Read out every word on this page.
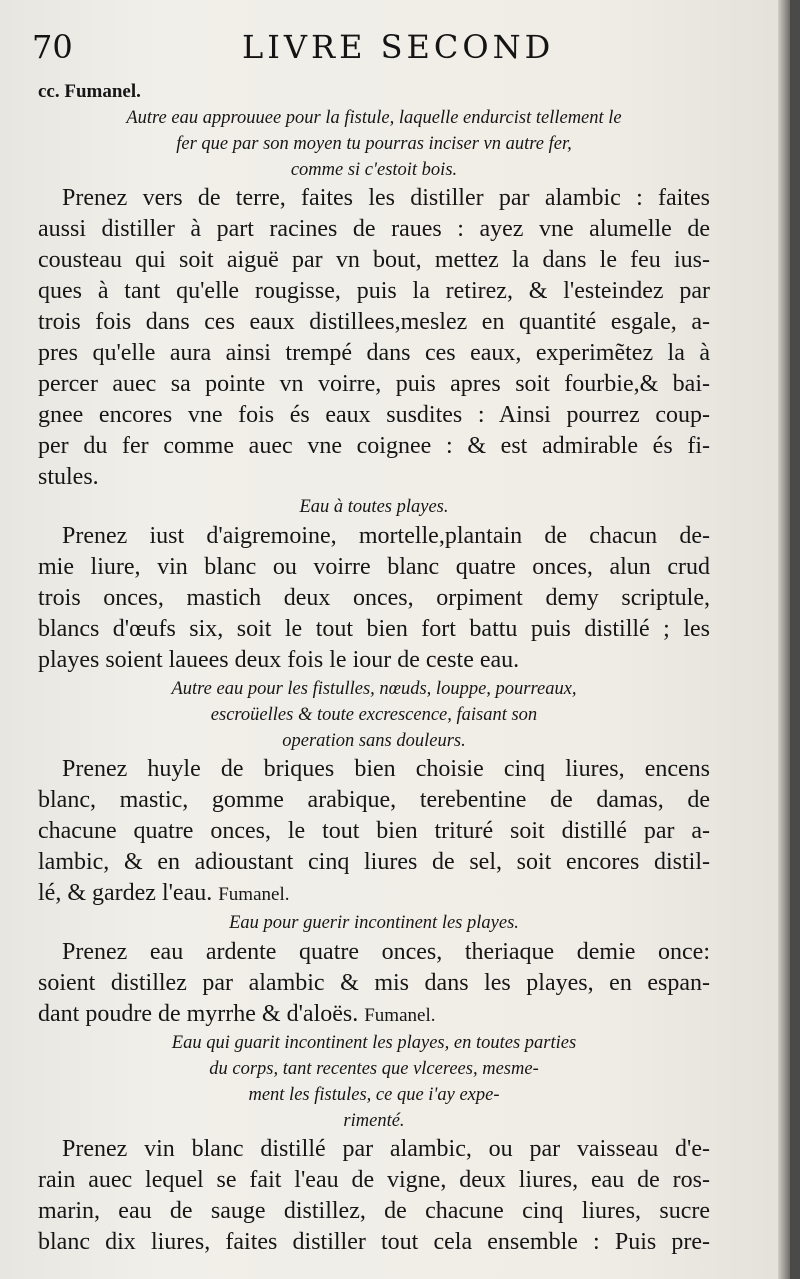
70	LIVRE SECOND
cc. Fumanel.
Autre eau approuuee pour la fistule, laquelle endurcist tellement le
fer que par son moyen tu pourras inciser vn autre fer,
comme si c'estoit bois.
Prenez vers de terre, faites les distiller par alambic : faites
aussi distiller à part racines de raues : ayez vne alumelle de
cousteau qui soit aiguë par vn bout, mettez la dans le feu ius-
ques à tant qu'elle rougisse, puis la retirez, & l'esteindez par
trois fois dans ces eaux distillees,meslez en quantité esgale, a-
pres qu'elle aura ainsi trempé dans ces eaux, experimẽtez la à
percer auec sa pointe vn voirre, puis apres soit fourbie,& bai-
gnee encores vne fois és eaux susdites : Ainsi pourrez coup-
per du fer comme auec vne coignee : & est admirable és fi-
stules.
Eau à toutes playes.
Prenez iust d'aigremoine, mortelle,plantain de chacun de-
mie liure, vin blanc ou voirre blanc quatre onces, alun crud
trois onces, mastich deux onces, orpiment demy scriptule,
blancs d'œufs six, soit le tout bien fort battu puis distillé ; les
playes soient lauees deux fois le iour de ceste eau.
Autre eau pour les fistulles, nœuds, louppe, pourreaux,
escroüelles & toute excrescence, faisant son
operation sans douleurs.
Prenez huyle de briques bien choisie cinq liures, encens
blanc, mastic, gomme arabique, terebentine de damas, de
chacune quatre onces, le tout bien trituré soit distillé par a-
lambic, & en adioustant cinq liures de sel, soit encores distil-
lé, & gardez l'eau. Fumanel.
Eau pour guerir incontinent les playes.
Prenez eau ardente quatre onces, theriaque demie once:
soient distillez par alambic & mis dans les playes, en espan-
dant poudre de myrrhe & d'aloës. Fumanel.
Eau qui guarit incontinent les playes, en toutes parties
du corps, tant recentes que vlcerees, mesme-
ment les fistules, ce que i'ay expe-
rimenté.
Prenez vin blanc distillé par alambic, ou par vaisseau d'e-
rain auec lequel se fait l'eau de vigne, deux liures, eau de ros-
marin, eau de sauge distillez, de chacune cinq liures, sucre
blanc dix liures, faites distiller tout cela ensemble : Puis pre-
